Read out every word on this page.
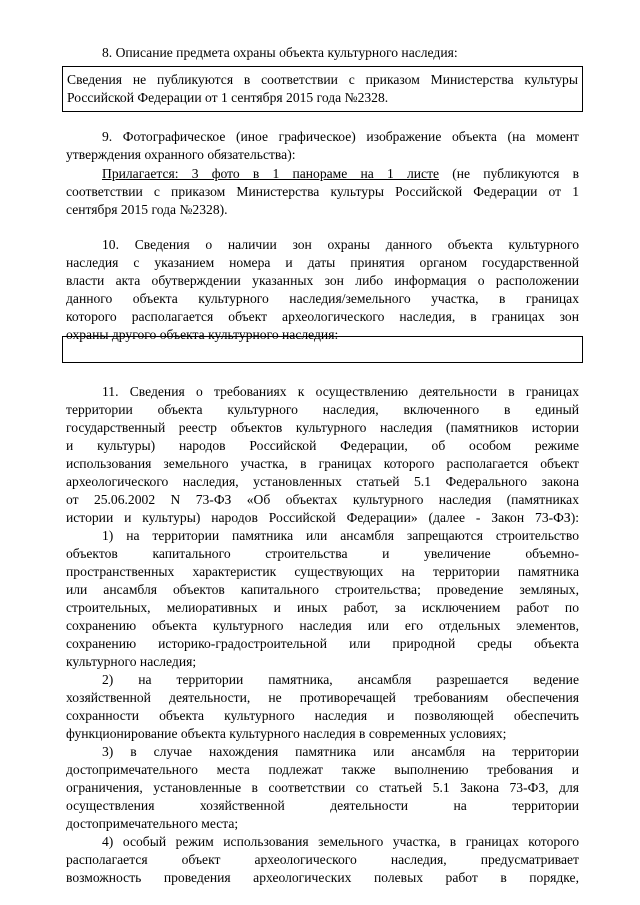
8. Описание предмета охраны объекта культурного наследия:
Сведения не публикуются в соответствии с приказом Министерства культуры
Российской Федерации от 1 сентября 2015 года №2328.
9. Фотографическое (иное графическое) изображение объекта (на момент
утверждения охранного обязательства):
Прилагается: 3 фото в 1 панораме на 1 листе (не публикуются в
соответствии с приказом Министерства культуры Российской Федерации от 1
сентября 2015 года №2328).
10. Сведения о наличии зон охраны данного объекта культурного
наследия с указанием номера и даты принятия органом государственной
власти акта обутверждении указанных зон либо информация о расположении
данного объекта культурного наследия/земельного участка, в границах
которого располагается объект археологического наследия, в границах зон
охраны другого объекта культурного наследия:
11. Сведения о требованиях к осуществлению деятельности в границах
территории объекта культурного наследия, включенного в единый
государственный реестр объектов культурного наследия (памятников истории
и культуры) народов Российской Федерации, об особом режиме
использования земельного участка, в границах которого располагается объект
археологического наследия, установленных статьей 5.1 Федерального закона
от 25.06.2002 N 73-ФЗ «Об объектах культурного наследия (памятниках
истории и культуры) народов Российской Федерации» (далее - Закон 73-ФЗ):
1) на территории памятника или ансамбля запрещаются строительство
объектов капитального строительства и увеличение объемно-
пространственных характеристик существующих на территории памятника
или ансамбля объектов капитального строительства; проведение земляных,
строительных, мелиоративных и иных работ, за исключением работ по
сохранению объекта культурного наследия или его отдельных элементов,
сохранению историко-градостроительной или природной среды объекта
культурного наследия;
2) на территории памятника, ансамбля разрешается ведение
хозяйственной деятельности, не противоречащей требованиям обеспечения
сохранности объекта культурного наследия и позволяющей обеспечить
функционирование объекта культурного наследия в современных условиях;
3) в случае нахождения памятника или ансамбля на территории
достопримечательного места подлежат также выполнению требования и
ограничения, установленные в соответствии со статьей 5.1 Закона 73-ФЗ, для
осуществления хозяйственной деятельности на территории
достопримечательного места;
4) особый режим использования земельного участка, в границах которого
располагается объект археологического наследия, предусматривает
возможность проведения археологических полевых работ в порядке,
